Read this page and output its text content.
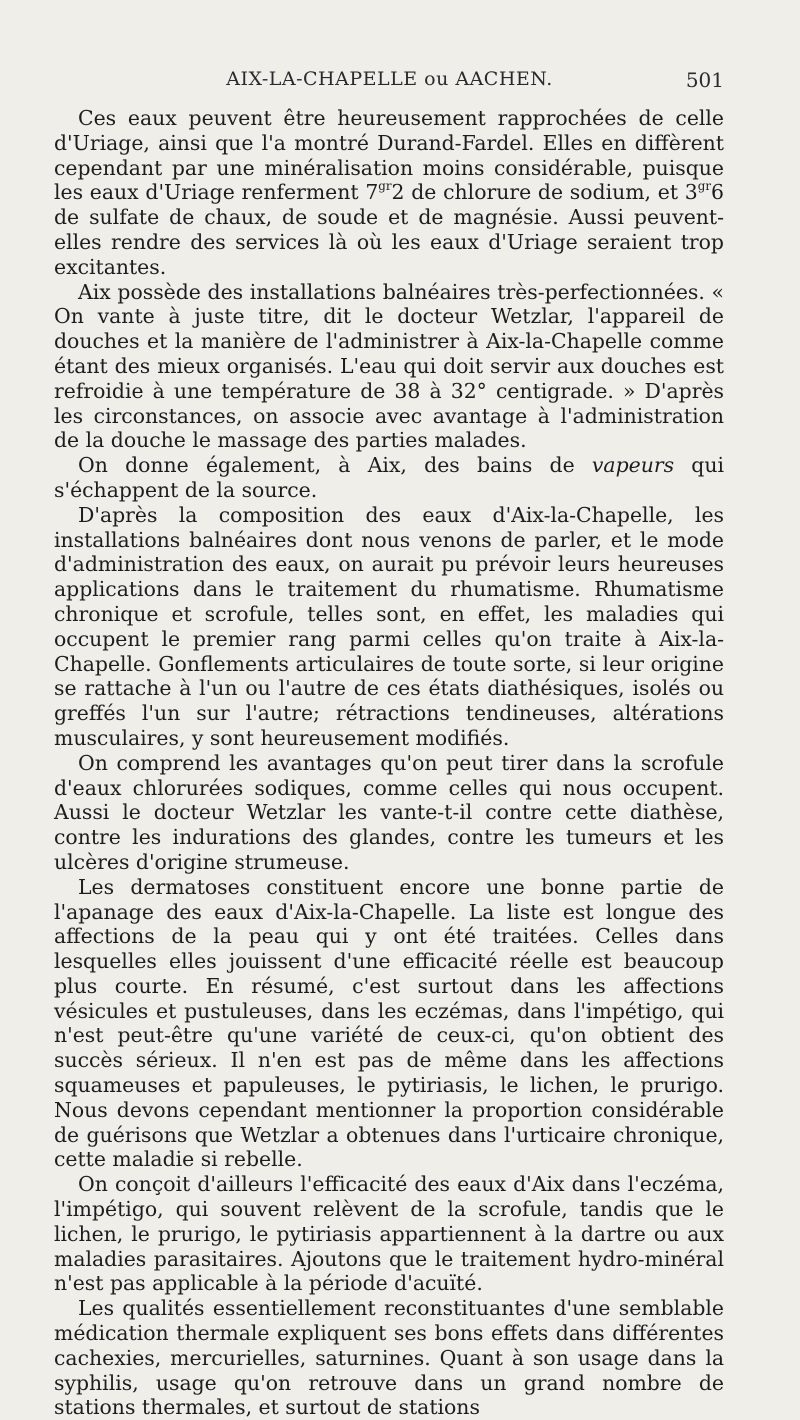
AIX-LA-CHAPELLE ou AACHEN.	501

Ces eaux peuvent être heureusement rapprochées de celle d'Uriage, ainsi que l'a montré Durand-Fardel. Elles en diffèrent cependant par une minéralisation moins considérable, puisque les eaux d'Uriage renferment $7^{gr}2$ de chlorure de sodium, et $3^{gr}6$ de sulfate de chaux, de soude et de magnésie. Aussi peuvent-elles rendre des services là où les eaux d'Uriage seraient trop excitantes.

Aix possède des installations balnéaires très-perfectionnées. « On vante à juste titre, dit le docteur Wetzlar, l'appareil de douches et la manière de l'administrer à Aix-la-Chapelle comme étant des mieux organisés. L'eau qui doit servir aux douches est refroidie à une température de 38 à 32° centigrade. » D'après les circonstances, on associe avec avantage à l'administration de la douche le massage des parties malades.

On donne également, à Aix, des bains de vapeurs qui s'échappent de la source.

D'après la composition des eaux d'Aix-la-Chapelle, les installations balnéaires dont nous venons de parler, et le mode d'administration des eaux, on aurait pu prévoir leurs heureuses applications dans le traitement du rhumatisme. Rhumatisme chronique et scrofule, telles sont, en effet, les maladies qui occupent le premier rang parmi celles qu'on traite à Aix-la-Chapelle. Gonflements articulaires de toute sorte, si leur origine se rattache à l'un ou l'autre de ces états diathésiques, isolés ou greffés l'un sur l'autre; rétractions tendineuses, altérations musculaires, y sont heureusement modifiés.

On comprend les avantages qu'on peut tirer dans la scrofule d'eaux chlorurées sodiques, comme celles qui nous occupent. Aussi le docteur Wetzlar les vante-t-il contre cette diathèse, contre les indurations des glandes, contre les tumeurs et les ulcères d'origine strumeuse.

Les dermatoses constituent encore une bonne partie de l'apanage des eaux d'Aix-la-Chapelle. La liste est longue des affections de la peau qui y ont été traitées. Celles dans lesquelles elles jouissent d'une efficacité réelle est beaucoup plus courte. En résumé, c'est surtout dans les affections vésicules et pustuleuses, dans les eczémas, dans l'impétigo, qui n'est peut-être qu'une variété de ceux-ci, qu'on obtient des succès sérieux. Il n'en est pas de même dans les affections squameuses et papuleuses, le pytiriasis, le lichen, le prurigo. Nous devons cependant mentionner la proportion considérable de guérisons que Wetzlar a obtenues dans l'urticaire chronique, cette maladie si rebelle.

On conçoit d'ailleurs l'efficacité des eaux d'Aix dans l'eczéma, l'impétigo, qui souvent relèvent de la scrofule, tandis que le lichen, le prurigo, le pytiriasis appartiennent à la dartre ou aux maladies parasitaires. Ajoutons que le traitement hydro-minéral n'est pas applicable à la période d'acuïté.

Les qualités essentiellement reconstituantes d'une semblable médication thermale expliquent ses bons effets dans différentes cachexies, mercurielles, saturnines. Quant à son usage dans la syphilis, usage qu'on retrouve dans un grand nombre de stations thermales, et surtout de stations
